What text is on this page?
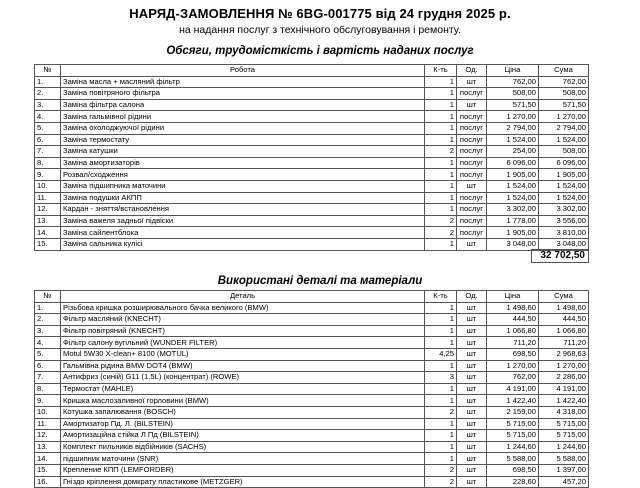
НАРЯД-ЗАМОВЛЕННЯ № 6BG-001775 від 24 грудня 2025 р.
на надання послуг з технічного обслуговування і ремонту.
Обсяги, трудомісткість і вартість наданих послуг
№	Робота	К-ть	Од.	Ціна	Сума
1.	Заміна масла + масляний фільтр	1	шт	762,00	762,00
2.	Заміна повітряного фільтра	1	послуг	508,00	508,00
3.	Заміна фільтра салона	1	шт	571,50	571,50
4.	Заміна гальмівної рідини	1	послуг	1 270,00	1 270,00
5.	Заміна охолоджуючої рідини	1	послуг	2 794,00	2 794,00
6.	Заміна термостату	1	послуг	1 524,00	1 524,00
7.	Заміна катушки	2	послуг	254,00	508,00
8.	Заміна амортизаторів	1	послуг	6 096,00	6 096,00
9.	Розвал/сходження	1	послуг	1 905,00	1 905,00
10.	Заміна підшипника маточини	1	шт	1 524,00	1 524,00
11.	Заміна подушки АКПП	1	послуг	1 524,00	1 524,00
12.	Кардан - зняття/встановлення	1	послуг	3 302,00	3 302,00
13.	Заміна важеля задньої підвіски	2	послуг	1 778,00	3 556,00
14.	Заміна сайлентблока	2	послуг	1 905,00	3 810,00
15.	Заміна сальника кулісі	1	шт	3 048,00	3 048,00
32 702,50
Використані деталі та матеріали
№	Деталь	К-ть	Од.	Ціна	Сума
1.	Різьбова кришка розширювального бачка великого (BMW)	1	шт	1 498,60	1 498,60
2.	Фільтр масляний (KNECHT)	1	шт	444,50	444,50
3.	Фільтр повітряний (KNECHT)	1	шт	1 066,80	1 066,80
4.	Фільтр салону вугільний (WUNDER FILTER)	1	шт	711,20	711,20
5.	Motul 5W30 X-clean+ 8100 (MOTUL)	4,25	шт	698,50	2 968,63
6.	Гальмівна рідина BMW DOT4 (BMW)	1	шт	1 270,00	1 270,00
7.	Антифриз (синій) G11 (1.5L) (концентрат) (ROWE)	3	шт	762,00	2 286,00
8.	Термостат (MAHLE)	1	шт	4 191,00	4 191,00
9.	Кришка маслозаливної горловини (BMW)	1	шт	1 422,40	1 422,40
10.	Котушка запалювання (BOSCH)	2	шт	2 159,00	4 318,00
11.	Амортизатор Пд. Л. (BILSTEIN)	1	шт	5 715,00	5 715,00
12.	Амортизаційна стійка Л Пд (BILSTEIN)	1	шт	5 715,00	5 715,00
13.	Комплект пильників відбійників (SACHS)	1	шт	1 244,60	1 244,60
14.	підшипник маточини (SNR)	1	шт	5 588,00	5 588,00
15.	Крепление КПП (LEMFORDER)	2	шт	698,50	1 397,00
16.	Гніздо кріплення домкрату пластикове (METZGER)	2	шт	228,60	457,20
